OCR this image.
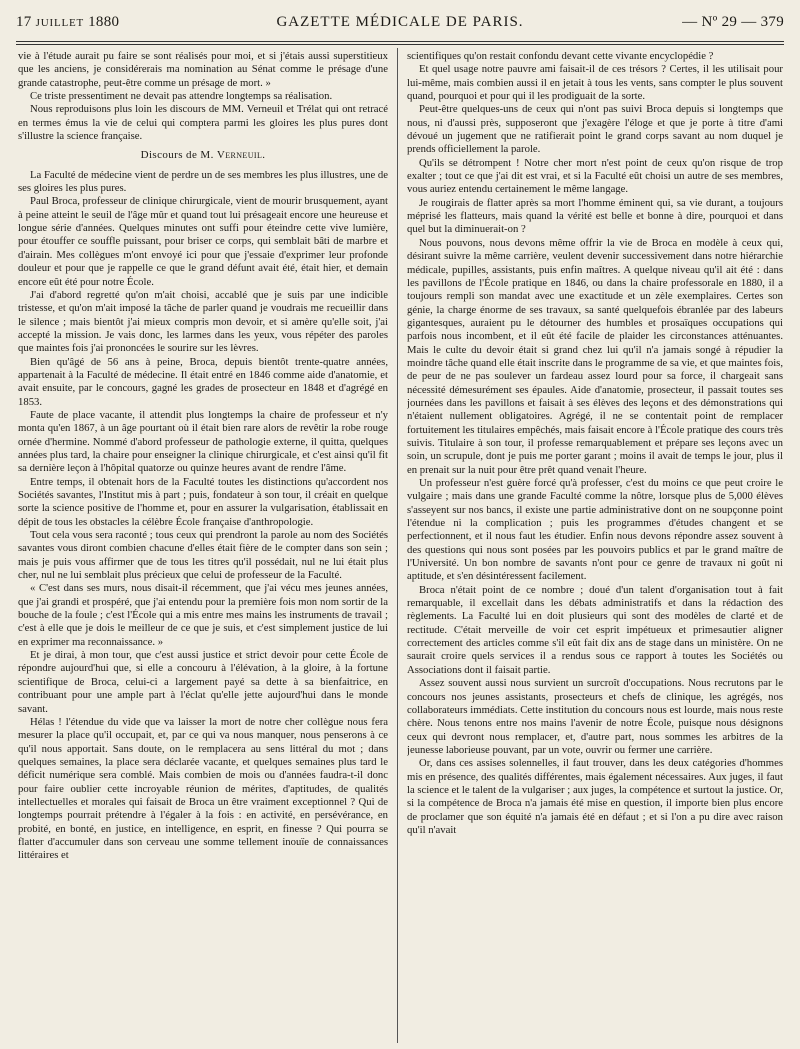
17 JUILLET 1880	GAZETTE MÉDICALE DE PARIS.	— Nº 29 — 379

vie à l'étude aurait pu faire se sont réalisés pour moi, et si j'étais aussi superstitieux que les anciens, je considérerais ma nomination au Sénat comme le présage d'une grande catastrophe, peut-être comme un présage de mort. »

Ce triste pressentiment ne devait pas attendre longtemps sa réalisation.

Nous reproduisons plus loin les discours de MM. Verneuil et Trélat qui ont retracé en termes émus la vie de celui qui comptera parmi les gloires les plus pures dont s'illustre la science française.

Discours de M. Verneuil.

La Faculté de médecine vient de perdre un de ses membres les plus illustres, une de ses gloires les plus pures.

Paul Broca, professeur de clinique chirurgicale, vient de mourir brusquement, ayant à peine atteint le seuil de l'âge mûr et quand tout lui présageait encore une heureuse et longue série d'années. Quelques minutes ont suffi pour éteindre cette vive lumière, pour étouffer ce souffle puissant, pour briser ce corps, qui semblait bâti de marbre et d'airain. Mes collègues m'ont envoyé ici pour que j'essaie d'exprimer leur profonde douleur et pour que je rappelle ce que le grand défunt avait été, était hier, et demain encore eût été pour notre École.

J'ai d'abord regretté qu'on m'ait choisi, accablé que je suis par une indicible tristesse, et qu'on m'ait imposé la tâche de parler quand je voudrais me recueillir dans le silence ; mais bientôt j'ai mieux compris mon devoir, et si amère qu'elle soit, j'ai accepté la mission. Je vais donc, les larmes dans les yeux, vous répéter des paroles que maintes fois j'ai prononcées le sourire sur les lèvres.

Bien qu'âgé de 56 ans à peine, Broca, depuis bientôt trente-quatre années, appartenait à la Faculté de médecine. Il était entré en 1846 comme aide d'anatomie, et avait ensuite, par le concours, gagné les grades de prosecteur en 1848 et d'agrégé en 1853.

Faute de place vacante, il attendit plus longtemps la chaire de professeur et n'y monta qu'en 1867, à un âge pourtant où il était bien rare alors de revêtir la robe rouge ornée d'hermine. Nommé d'abord professeur de pathologie externe, il quitta, quelques années plus tard, la chaire pour enseigner la clinique chirurgicale, et c'est ainsi qu'il fit sa dernière leçon à l'hôpital quatorze ou quinze heures avant de rendre l'âme.

Entre temps, il obtenait hors de la Faculté toutes les distinctions qu'accordent nos Sociétés savantes, l'Institut mis à part ; puis, fondateur à son tour, il créait en quelque sorte la science positive de l'homme et, pour en assurer la vulgarisation, établissait en dépit de tous les obstacles la célèbre École française d'anthropologie.

Tout cela vous sera raconté ; tous ceux qui prendront la parole au nom des Sociétés savantes vous diront combien chacune d'elles était fière de le compter dans son sein ; mais je puis vous affirmer que de tous les titres qu'il possédait, nul ne lui était plus cher, nul ne lui semblait plus précieux que celui de professeur de la Faculté.

« C'est dans ses murs, nous disait-il récemment, que j'ai vécu mes jeunes années, que j'ai grandi et prospéré, que j'ai entendu pour la première fois mon nom sortir de la bouche de la foule ; c'est l'École qui a mis entre mes mains les instruments de travail ; c'est à elle que je dois le meilleur de ce que je suis, et c'est simplement justice de lui en exprimer ma reconnaissance. »

Et je dirai, à mon tour, que c'est aussi justice et strict devoir pour cette École de répondre aujourd'hui que, si elle a concouru à l'élévation, à la gloire, à la fortune scientifique de Broca, celui-ci a largement payé sa dette à sa bienfaitrice, en contribuant pour une ample part à l'éclat qu'elle jette aujourd'hui dans le monde savant.

Hélas ! l'étendue du vide que va laisser la mort de notre cher collègue nous fera mesurer la place qu'il occupait, et, par ce qui va nous manquer, nous penserons à ce qu'il nous apportait. Sans doute, on le remplacera au sens littéral du mot ; dans quelques semaines, la place sera déclarée vacante, et quelques semaines plus tard le déficit numérique sera comblé. Mais combien de mois ou d'années faudra-t-il donc pour faire oublier cette incroyable réunion de mérites, d'aptitudes, de qualités intellectuelles et morales qui faisait de Broca un être vraiment exceptionnel ? Qui de longtemps pourrait prétendre à l'égaler à la fois : en activité, en persévérance, en probité, en bonté, en justice, en intelligence, en esprit, en finesse ? Qui pourra se flatter d'accumuler dans son cerveau une somme tellement inouïe de connaissances littéraires et

scientifiques qu'on restait confondu devant cette vivante encyclopédie ?

Et quel usage notre pauvre ami faisait-il de ces trésors ? Certes, il les utilisait pour lui-même, mais combien aussi il en jetait à tous les vents, sans compter le plus souvent quand, pourquoi et pour qui il les prodiguait de la sorte.

Peut-être quelques-uns de ceux qui n'ont pas suivi Broca depuis si longtemps que nous, ni d'aussi près, supposeront que j'exagère l'éloge et que je porte à titre d'ami dévoué un jugement que ne ratifierait point le grand corps savant au nom duquel je prends officiellement la parole.

Qu'ils se détrompent ! Notre cher mort n'est point de ceux qu'on risque de trop exalter ; tout ce que j'ai dit est vrai, et si la Faculté eût choisi un autre de ses membres, vous auriez entendu certainement le même langage.

Je rougirais de flatter après sa mort l'homme éminent qui, sa vie durant, a toujours méprisé les flatteurs, mais quand la vérité est belle et bonne à dire, pourquoi et dans quel but la diminuerait-on ?

Nous pouvons, nous devons même offrir la vie de Broca en modèle à ceux qui, désirant suivre la même carrière, veulent devenir successivement dans notre hiérarchie médicale, pupilles, assistants, puis enfin maîtres. A quelque niveau qu'il ait été : dans les pavillons de l'École pratique en 1846, ou dans la chaire professorale en 1880, il a toujours rempli son mandat avec une exactitude et un zèle exemplaires. Certes son génie, la charge énorme de ses travaux, sa santé quelquefois ébranlée par des labeurs gigantesques, auraient pu le détourner des humbles et prosaïques occupations qui parfois nous incombent, et il eût été facile de plaider les circonstances atténuantes. Mais le culte du devoir était si grand chez lui qu'il n'a jamais songé à répudier la moindre tâche quand elle était inscrite dans le programme de sa vie, et que maintes fois, de peur de ne pas soulever un fardeau assez lourd pour sa force, il chargeait sans nécessité démesurément ses épaules. Aide d'anatomie, prosecteur, il passait toutes ses journées dans les pavillons et faisait à ses élèves des leçons et des démonstrations qui n'étaient nullement obligatoires. Agrégé, il ne se contentait point de remplacer fortuitement les titulaires empêchés, mais faisait encore à l'École pratique des cours très suivis. Titulaire à son tour, il professe remarquablement et prépare ses leçons avec un soin, un scrupule, dont je puis me porter garant ; moins il avait de temps le jour, plus il en prenait sur la nuit pour être prêt quand venait l'heure.

Un professeur n'est guère forcé qu'à professer, c'est du moins ce que peut croire le vulgaire ; mais dans une grande Faculté comme la nôtre, lorsque plus de 5,000 élèves s'asseyent sur nos bancs, il existe une partie administrative dont on ne soupçonne point l'étendue ni la complication ; puis les programmes d'études changent et se perfectionnent, et il nous faut les étudier. Enfin nous devons répondre assez souvent à des questions qui nous sont posées par les pouvoirs publics et par le grand maître de l'Université. Un bon nombre de savants n'ont pour ce genre de travaux ni goût ni aptitude, et s'en désintéressent facilement.

Broca n'était point de ce nombre ; doué d'un talent d'organisation tout à fait remarquable, il excellait dans les débats administratifs et dans la rédaction des règlements. La Faculté lui en doit plusieurs qui sont des modèles de clarté et de rectitude. C'était merveille de voir cet esprit impétueux et primesautier aligner correctement des articles comme s'il eût fait dix ans de stage dans un ministère. On ne saurait croire quels services il a rendus sous ce rapport à toutes les Sociétés ou Associations dont il faisait partie.

Assez souvent aussi nous survient un surcroît d'occupations. Nous recrutons par le concours nos jeunes assistants, prosecteurs et chefs de clinique, les agrégés, nos collaborateurs immédiats. Cette institution du concours nous est lourde, mais nous reste chère. Nous tenons entre nos mains l'avenir de notre École, puisque nous désignons ceux qui devront nous remplacer, et, d'autre part, nous sommes les arbitres de la jeunesse laborieuse pouvant, par un vote, ouvrir ou fermer une carrière.

Or, dans ces assises solennelles, il faut trouver, dans les deux catégories d'hommes mis en présence, des qualités différentes, mais également nécessaires. Aux juges, il faut la science et le talent de la vulgariser ; aux juges, la compétence et surtout la justice. Or, si la compétence de Broca n'a jamais été mise en question, il importe bien plus encore de proclamer que son équité n'a jamais été en défaut ; et si l'on a pu dire avec raison qu'il n'avait
